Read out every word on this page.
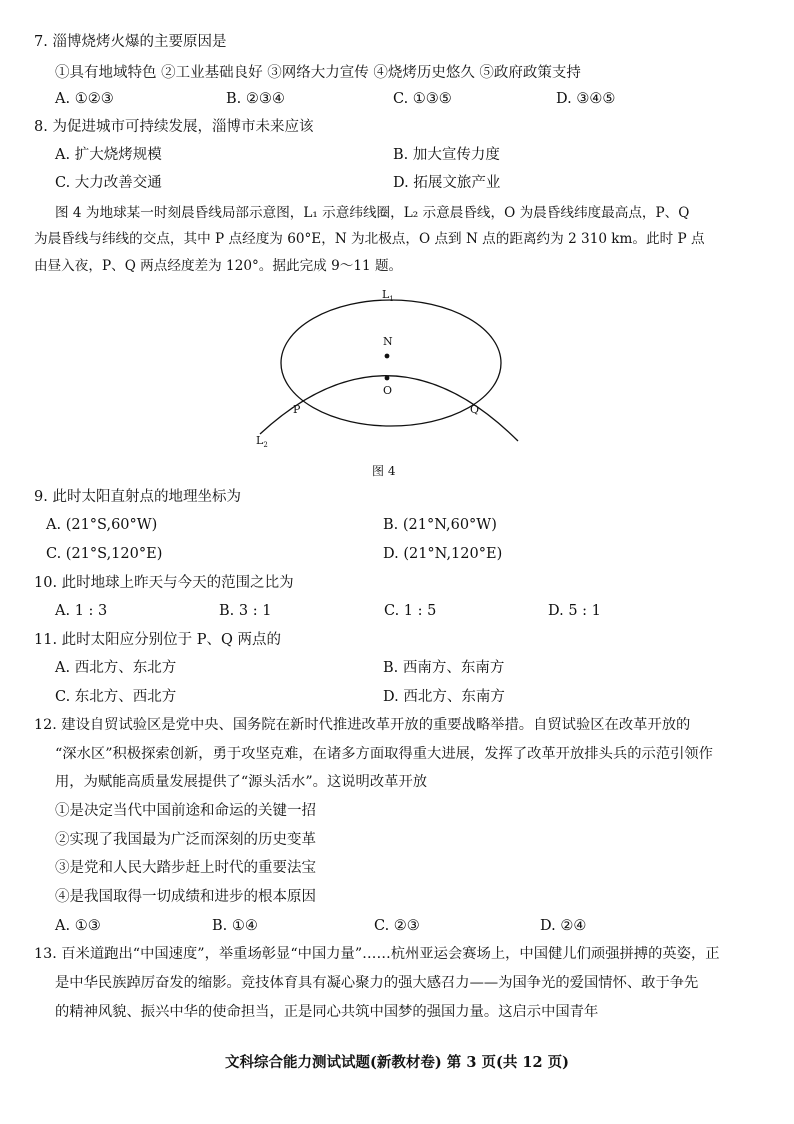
7. 淄博烧烤火爆的主要原因是
①具有地域特色 ②工业基础良好 ③网络大力宣传 ④烧烤历史悠久 ⑤政府政策支持
A. ①②③	B. ②③④	C. ①③⑤	D. ③④⑤
8. 为促进城市可持续发展，淄博市未来应该
A. 扩大烧烤规模	B. 加大宣传力度
C. 大力改善交通	D. 拓展文旅产业
图 4 为地球某一时刻晨昏线局部示意图，L₁ 示意纬线圈，L₂ 示意晨昏线，O 为晨昏线纬度最高点，P、Q
为晨昏线与纬线的交点，其中 P 点经度为 60°E，N 为北极点，O 点到 N 点的距离约为 2 310 km。此时 P 点
由昼入夜，P、Q 两点经度差为 120°。据此完成 9～11 题。
$L_1$
N
O
P	Q
$L_2$
图 4
9. 此时太阳直射点的地理坐标为
A. (21°S,60°W)	B. (21°N,60°W)
C. (21°S,120°E)	D. (21°N,120°E)
10. 此时地球上昨天与今天的范围之比为
A. 1 : 3	B. 3 : 1	C. 1 : 5	D. 5 : 1
11. 此时太阳应分别位于 P、Q 两点的
A. 西北方、东北方	B. 西南方、东南方
C. 东北方、西北方	D. 西北方、东南方
12. 建设自贸试验区是党中央、国务院在新时代推进改革开放的重要战略举措。自贸试验区在改革开放的
“深水区”积极探索创新，勇于攻坚克难，在诸多方面取得重大进展，发挥了改革开放排头兵的示范引领作
用，为赋能高质量发展提供了“源头活水”。这说明改革开放
①是决定当代中国前途和命运的关键一招
②实现了我国最为广泛而深刻的历史变革
③是党和人民大踏步赶上时代的重要法宝
④是我国取得一切成绩和进步的根本原因
A. ①③	B. ①④	C. ②③	D. ②④
13. 百米道跑出“中国速度”，举重场彰显“中国力量”……杭州亚运会赛场上，中国健儿们顽强拼搏的英姿，正
是中华民族踔厉奋发的缩影。竞技体育具有凝心聚力的强大感召力——为国争光的爱国情怀、敢于争先
的精神风貌、振兴中华的使命担当，正是同心共筑中国梦的强国力量。这启示中国青年
文科综合能力测试试题(新教材卷) 第 3 页(共 12 页)
